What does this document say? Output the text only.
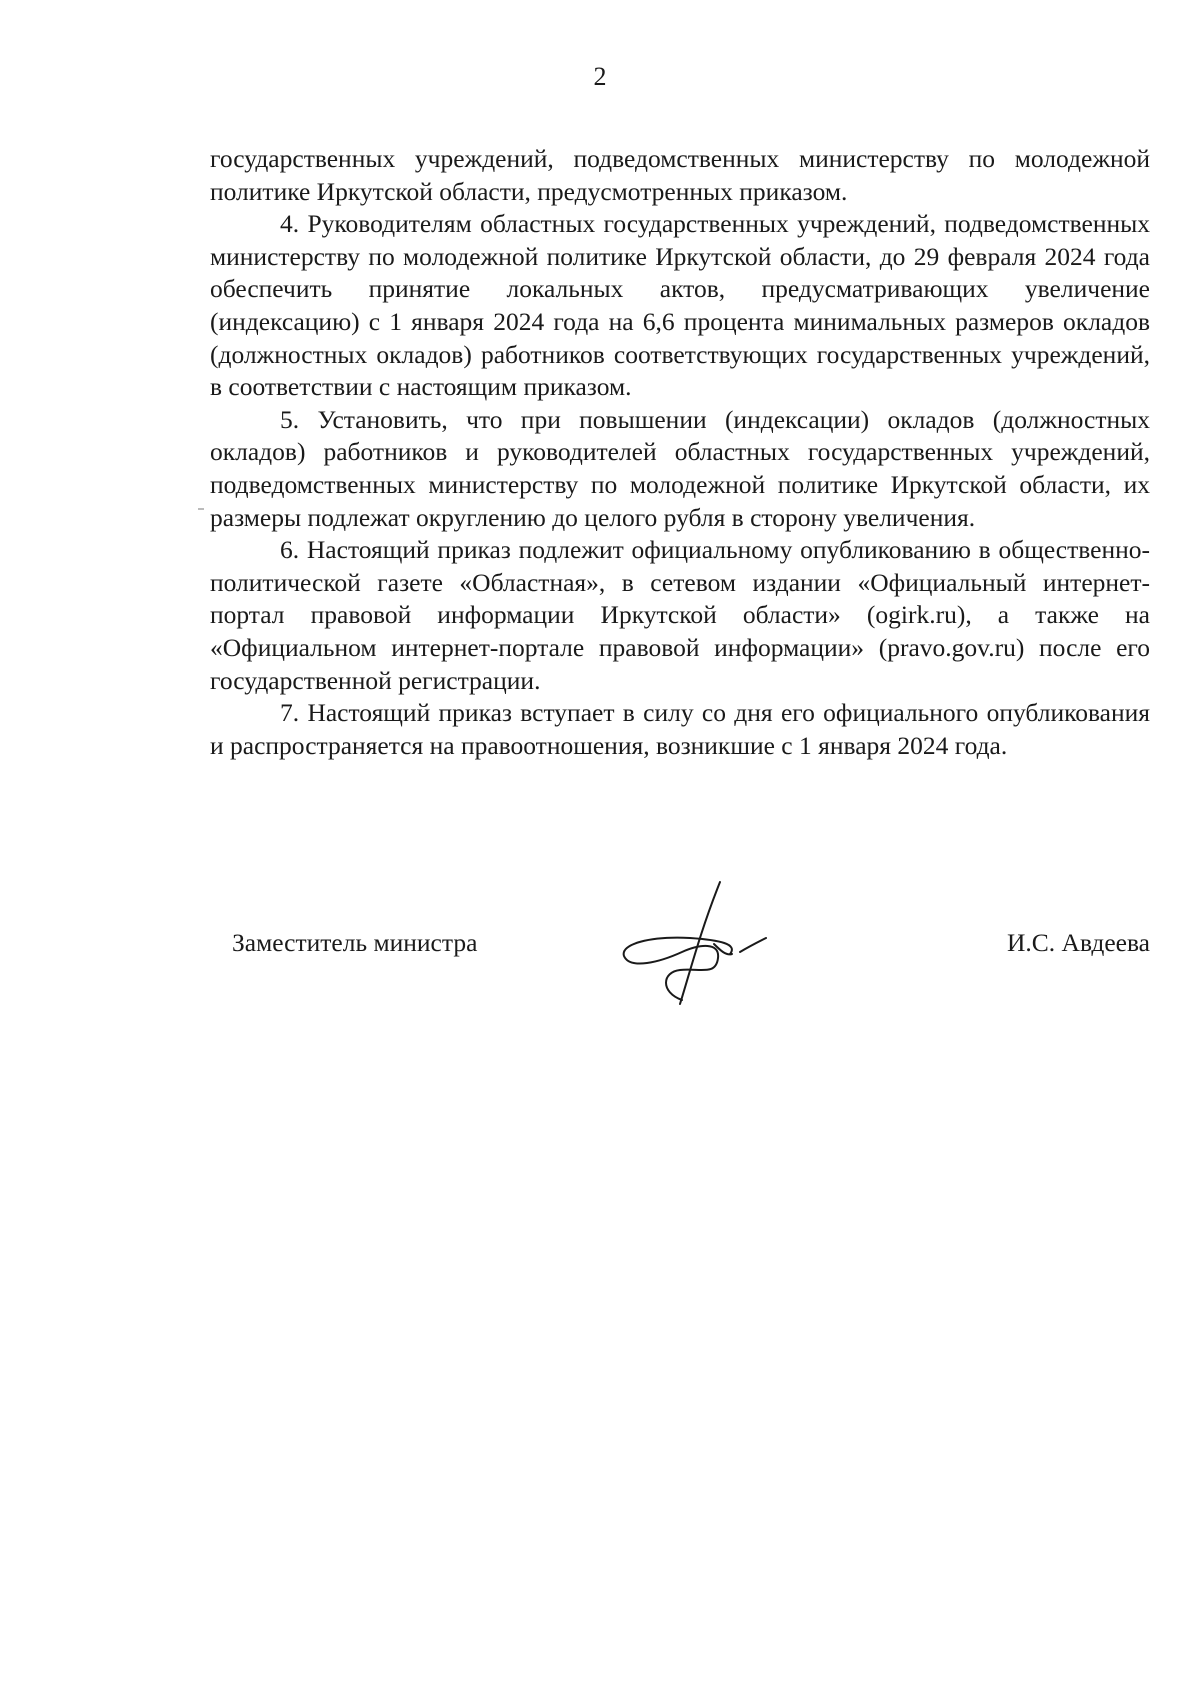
2

государственных учреждений, подведомственных министерству по молодежной политике Иркутской области, предусмотренных приказом.

4. Руководителям областных государственных учреждений, подведомственных министерству по молодежной политике Иркутской области, до 29 февраля 2024 года обеспечить принятие локальных актов, предусматривающих увеличение (индексацию) с 1 января 2024 года на 6,6 процента минимальных размеров окладов (должностных окладов) работников соответствующих государственных учреждений, в соответствии с настоящим приказом.

5. Установить, что при повышении (индексации) окладов (должностных окладов) работников и руководителей областных государственных учреждений, подведомственных министерству по молодежной политике Иркутской области, их размеры подлежат округлению до целого рубля в сторону увеличения.

6. Настоящий приказ подлежит официальному опубликованию в общественно-политической газете «Областная», в сетевом издании «Официальный интернет-портал правовой информации Иркутской области» (ogirk.ru), а также на «Официальном интернет-портале правовой информации» (pravo.gov.ru) после его государственной регистрации.

7. Настоящий приказ вступает в силу со дня его официального опубликования и распространяется на правоотношения, возникшие с 1 января 2024 года.

Заместитель министра	И.С. Авдеева
